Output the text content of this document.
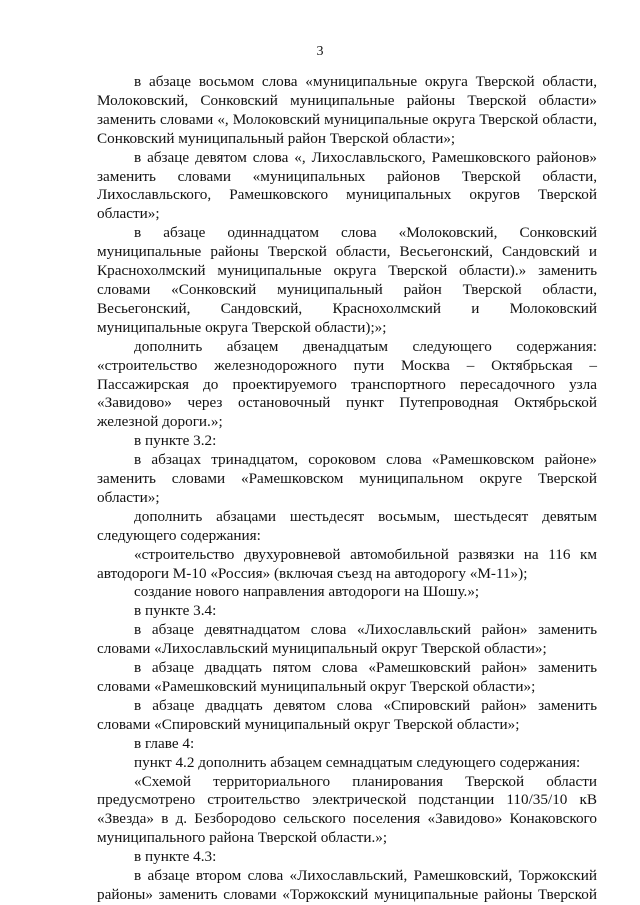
3

в абзаце восьмом слова «муниципальные округа Тверской области, Молоковский, Сонковский муниципальные районы Тверской области» заменить словами «, Молоковский муниципальные округа Тверской области, Сонковский муниципальный район Тверской области»;

в абзаце девятом слова «, Лихославльского, Рамешковского районов» заменить словами «муниципальных районов Тверской области, Лихославльского, Рамешковского муниципальных округов Тверской области»;

в абзаце одиннадцатом слова «Молоковский, Сонковский муниципальные районы Тверской области, Весьегонский, Сандовский и Краснохолмский муниципальные округа Тверской области).» заменить словами «Сонковский муниципальный район Тверской области, Весьегонский, Сандовский, Краснохолмский и Молоковский муниципальные округа Тверской области);»;

дополнить абзацем двенадцатым следующего содержания: «строительство железнодорожного пути Москва – Октябрьская – Пассажирская до проектируемого транспортного пересадочного узла «Завидово» через остановочный пункт Путепроводная Октябрьской железной дороги.»;

в пункте 3.2:

в абзацах тринадцатом, сороковом слова «Рамешковском районе» заменить словами «Рамешковском муниципальном округе Тверской области»;

дополнить абзацами шестьдесят восьмым, шестьдесят девятым следующего содержания:

«строительство двухуровневой автомобильной развязки на 116 км автодороги М-10 «Россия» (включая съезд на автодорогу «М-11»);

создание нового направления автодороги на Шошу.»;

в пункте 3.4:

в абзаце девятнадцатом слова «Лихославльский район» заменить словами «Лихославльский муниципальный округ Тверской области»;

в абзаце двадцать пятом слова «Рамешковский район» заменить словами «Рамешковский муниципальный округ Тверской области»;

в абзаце двадцать девятом слова «Спировский район» заменить словами «Спировский муниципальный округ Тверской области»;

в главе 4:

пункт 4.2 дополнить абзацем семнадцатым следующего содержания:

«Схемой территориального планирования Тверской области предусмотрено строительство электрической подстанции 110/35/10 кВ «Звезда» в д. Безбородово сельского поселения «Завидово» Конаковского муниципального района Тверской области.»;

в пункте 4.3:

в абзаце втором слова «Лихославльский, Рамешковский, Торжокский районы» заменить словами «Торжокский муниципальные районы Тверской
